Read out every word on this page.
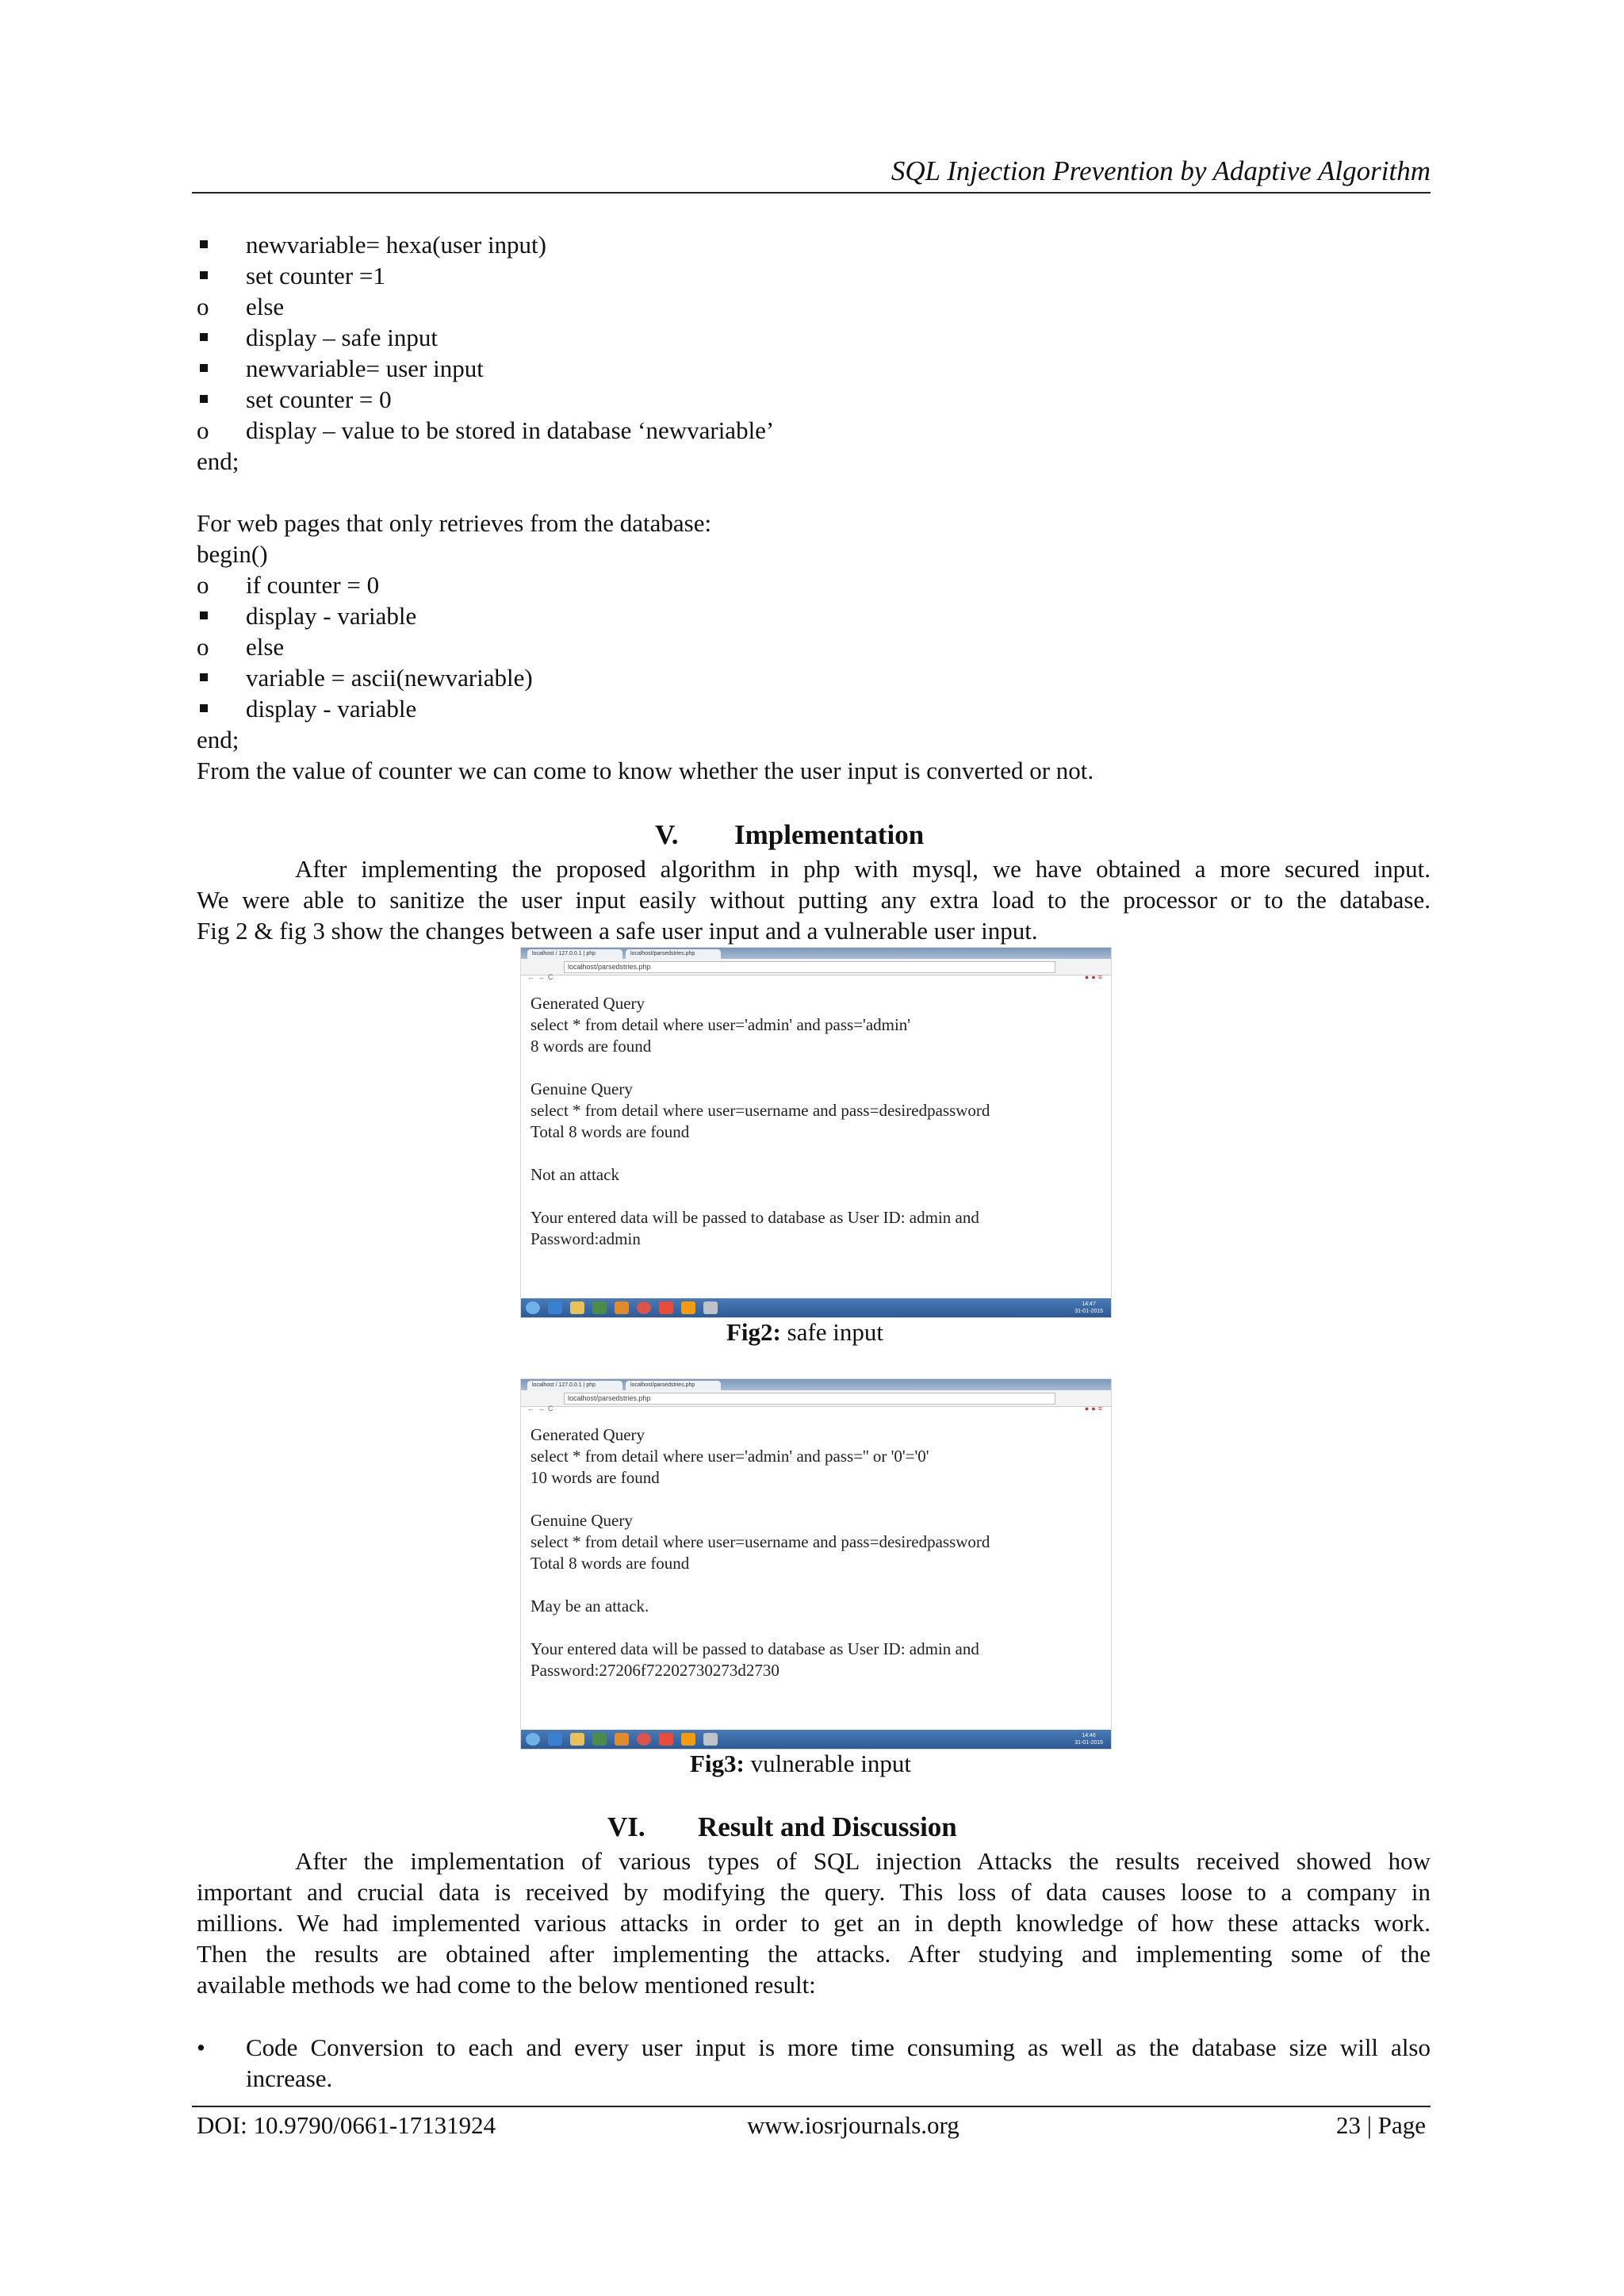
SQL Injection Prevention by Adaptive Algorithm
newvariable= hexa(user input)
set counter =1
o	else
display – safe input
newvariable= user input
set counter = 0
o	display – value to be stored in database ‘newvariable’
end;
For web pages that only retrieves from the database:
begin()
o	if counter = 0
display - variable
o	else
variable = ascii(newvariable)
display - variable
end;
From the value of counter we can come to know whether the user input is converted or not.
V. Implementation
After implementing the proposed algorithm in php with mysql, we have obtained a more secured input.
We were able to sanitize the user input easily without putting any extra load to the processor or to the database.
Fig 2 & fig 3 show the changes between a safe user input and a vulnerable user input.
localhost / 127.0.0.1 | php	localhost/parsedstries.php
←→C
localhost/parsedstries.php
●●≡
Generated Query
select * from detail where user='admin' and pass='admin'
8 words are found
Genuine Query
select * from detail where user=username and pass=desiredpassword
Total 8 words are found
Not an attack
Your entered data will be passed to database as User ID: admin and
Password:admin
14:47
31-01-2015
Fig2: safe input
localhost / 127.0.0.1 | php	localhost/parsedstries.php
←→C
localhost/parsedstries.php
●●≡
Generated Query
select * from detail where user='admin' and pass='' or '0'='0'
10 words are found
Genuine Query
select * from detail where user=username and pass=desiredpassword
Total 8 words are found
May be an attack.
Your entered data will be passed to database as User ID: admin and
Password:27206f72202730273d2730
14:46
31-01-2015
Fig3: vulnerable input
VI. Result and Discussion
After the implementation of various types of SQL injection Attacks the results received showed how
important and crucial data is received by modifying the query. This loss of data causes loose to a company in
millions. We had implemented various attacks in order to get an in depth knowledge of how these attacks work.
Then the results are obtained after implementing the attacks. After studying and implementing some of the
available methods we had come to the below mentioned result:
•	Code Conversion to each and every user input is more time consuming as well as the database size will also
increase.
DOI: 10.9790/0661-17131924	www.iosrjournals.org	23 | Page
